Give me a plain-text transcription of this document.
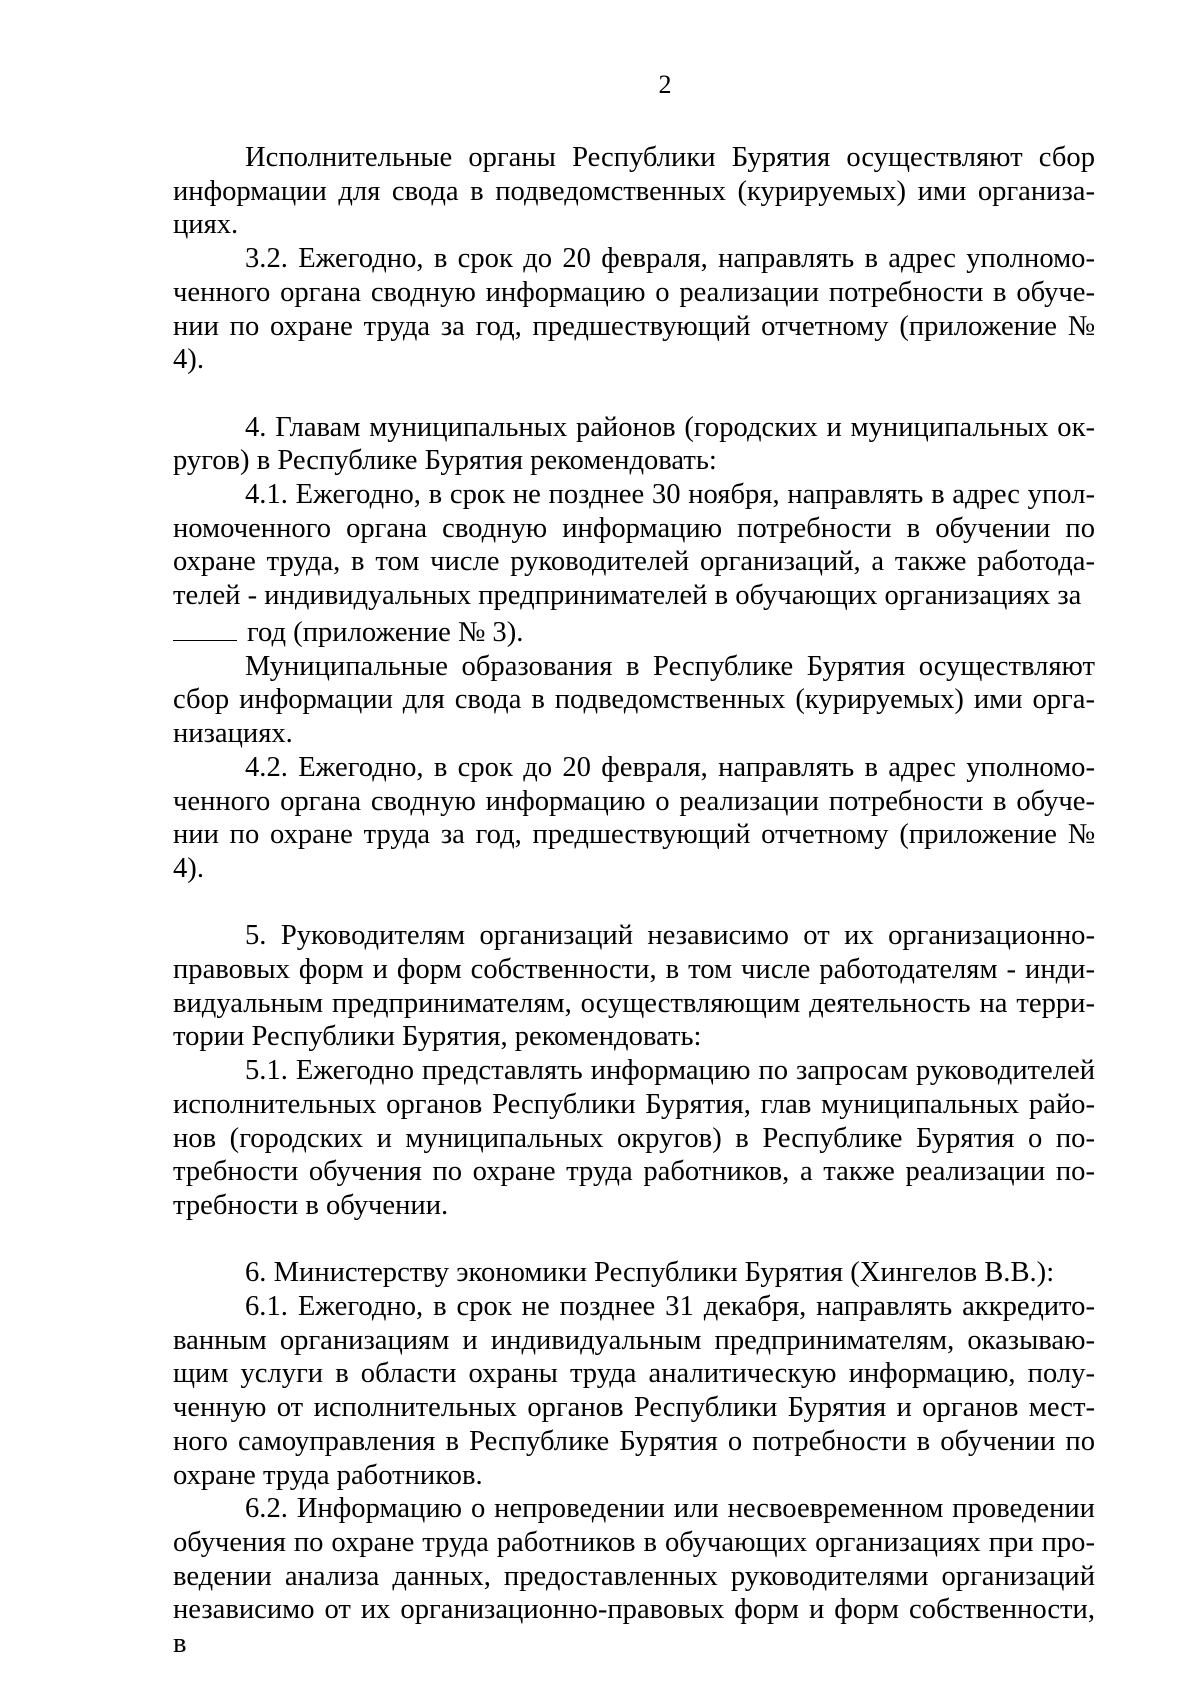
2

Исполнительные органы Республики Бурятия осуществляют сбор информации для свода в подведомственных (курируемых) ими организациях.

3.2. Ежегодно, в срок до 20 февраля, направлять в адрес уполномоченного органа сводную информацию о реализации потребности в обучении по охране труда за год, предшествующий отчетному (приложение № 4).

4. Главам муниципальных районов (городских и муниципальных округов) в Республике Бурятия рекомендовать:

4.1. Ежегодно, в срок не позднее 30 ноября, направлять в адрес уполномоченного органа сводную информацию потребности в обучении по охране труда, в том числе руководителей организаций, а также работодателей - индивидуальных предпринимателей в обучающих организациях за

год (приложение № 3).

Муниципальные образования в Республике Бурятия осуществляют сбор информации для свода в подведомственных (курируемых) ими организациях.

4.2. Ежегодно, в срок до 20 февраля, направлять в адрес уполномоченного органа сводную информацию о реализации потребности в обучении по охране труда за год, предшествующий отчетному (приложение № 4).

5. Руководителям организаций независимо от их организационно-правовых форм и форм собственности, в том числе работодателям - индивидуальным предпринимателям, осуществляющим деятельность на территории Республики Бурятия, рекомендовать:

5.1. Ежегодно представлять информацию по запросам руководителей исполнительных органов Республики Бурятия, глав муниципальных районов (городских и муниципальных округов) в Республике Бурятия о потребности обучения по охране труда работников, а также реализации потребности в обучении.

6. Министерству экономики Республики Бурятия (Хингелов В.В.):

6.1. Ежегодно, в срок не позднее 31 декабря, направлять аккредитованным организациям и индивидуальным предпринимателям, оказывающим услуги в области охраны труда аналитическую информацию, полученную от исполнительных органов Республики Бурятия и органов местного самоуправления в Республике Бурятия о потребности в обучении по охране труда работников.

6.2. Информацию о непроведении или несвоевременном проведении обучения по охране труда работников в обучающих организациях при проведении анализа данных, предоставленных руководителями организаций независимо от их организационно-правовых форм и форм собственности, в
